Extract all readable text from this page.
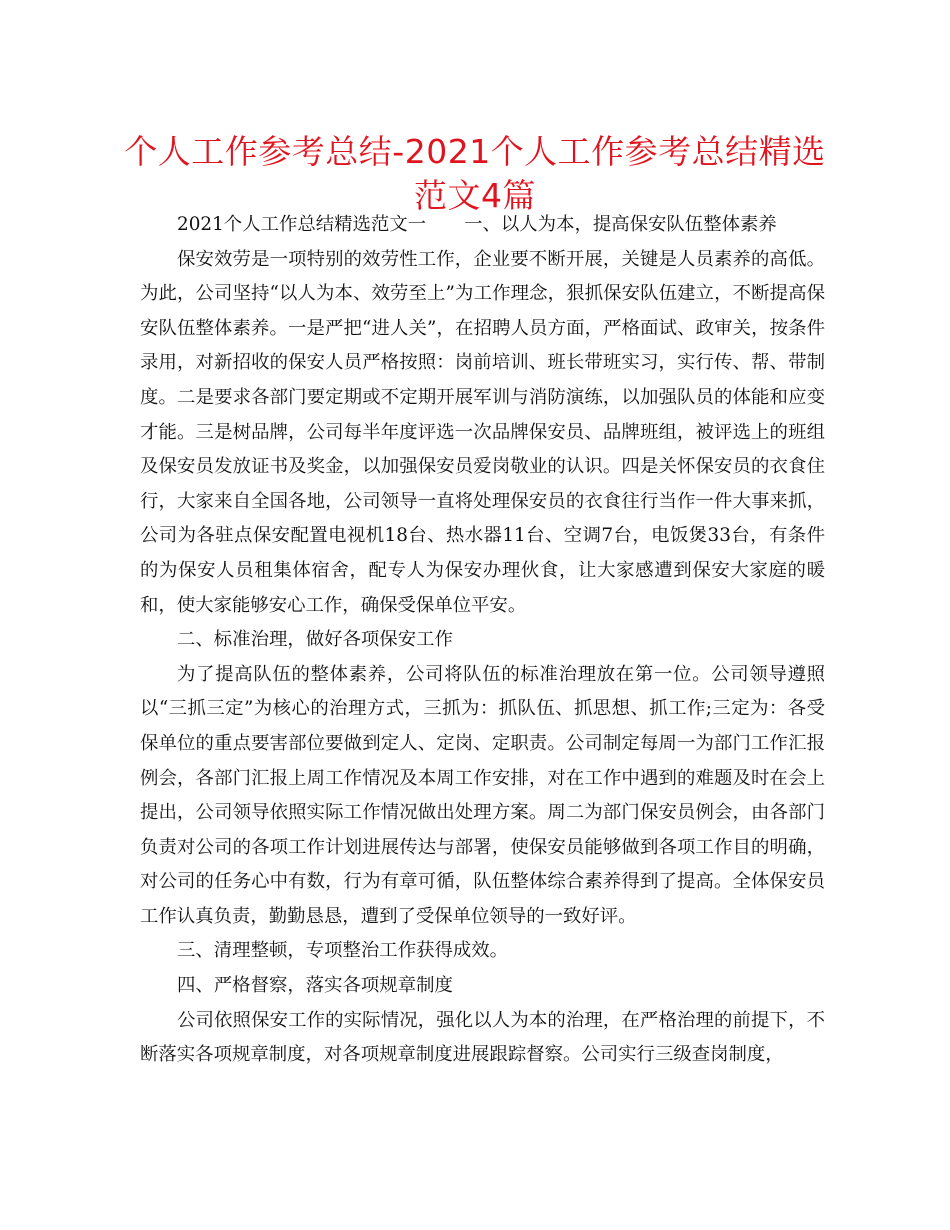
个人工作参考总结-2021个人工作参考总结精选
范文4篇

2021个人工作总结精选范文一 一、以人为本，提高保安队伍整体素养

保安效劳是一项特别的效劳性工作，企业要不断开展，关键是人员素养的高低。为此，公司坚持“以人为本、效劳至上”为工作理念，狠抓保安队伍建立，不断提高保安队伍整体素养。一是严把“进人关”，在招聘人员方面，严格面试、政审关，按条件录用，对新招收的保安人员严格按照：岗前培训、班长带班实习，实行传、帮、带制度。二是要求各部门要定期或不定期开展军训与消防演练，以加强队员的体能和应变才能。三是树品牌，公司每半年度评选一次品牌保安员、品牌班组，被评选上的班组及保安员发放证书及奖金，以加强保安员爱岗敬业的认识。四是关怀保安员的衣食住行，大家来自全国各地，公司领导一直将处理保安员的衣食往行当作一件大事来抓，公司为各驻点保安配置电视机18台、热水器11台、空调7台，电饭煲33台，有条件的为保安人员租集体宿舍，配专人为保安办理伙食，让大家感遭到保安大家庭的暖和，使大家能够安心工作，确保受保单位平安。

二、标准治理，做好各项保安工作

为了提高队伍的整体素养，公司将队伍的标准治理放在第一位。公司领导遵照以“三抓三定”为核心的治理方式，三抓为：抓队伍、抓思想、抓工作;三定为：各受保单位的重点要害部位要做到定人、定岗、定职责。公司制定每周一为部门工作汇报例会，各部门汇报上周工作情况及本周工作安排，对在工作中遇到的难题及时在会上提出，公司领导依照实际工作情况做出处理方案。周二为部门保安员例会，由各部门负责对公司的各项工作计划进展传达与部署，使保安员能够做到各项工作目的明确，对公司的任务心中有数，行为有章可循，队伍整体综合素养得到了提高。全体保安员工作认真负责，勤勤恳恳，遭到了受保单位领导的一致好评。

三、清理整顿，专项整治工作获得成效。

四、严格督察，落实各项规章制度

公司依照保安工作的实际情况，强化以人为本的治理，在严格治理的前提下，不断落实各项规章制度，对各项规章制度进展跟踪督察。公司实行三级查岗制度，
